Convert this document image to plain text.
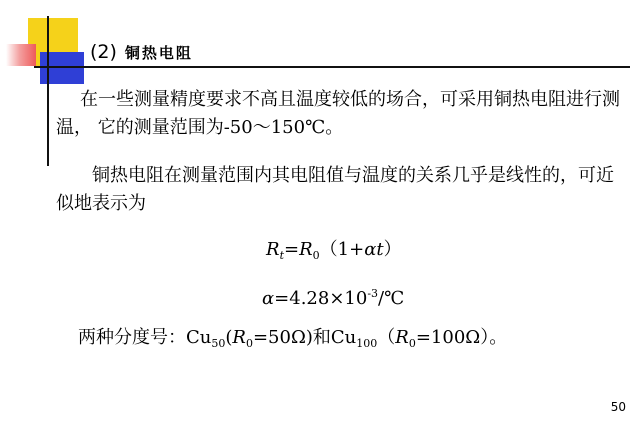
(2) 铜热电阻
在一些测量精度要求不高且温度较低的场合，可采用铜热电阻进行测温， 它的测量范围为-50～150℃。
铜热电阻在测量范围内其电阻值与温度的关系几乎是线性的，可近似地表示为
$R_t=R_0(1+\alpha t)$
$\alpha=4.28\times 10^{-3}/℃$
两种分度号：$Cu_{50}(R_0=50\Omega)$和$Cu_{100}(R_0=100\Omega)$。
50
